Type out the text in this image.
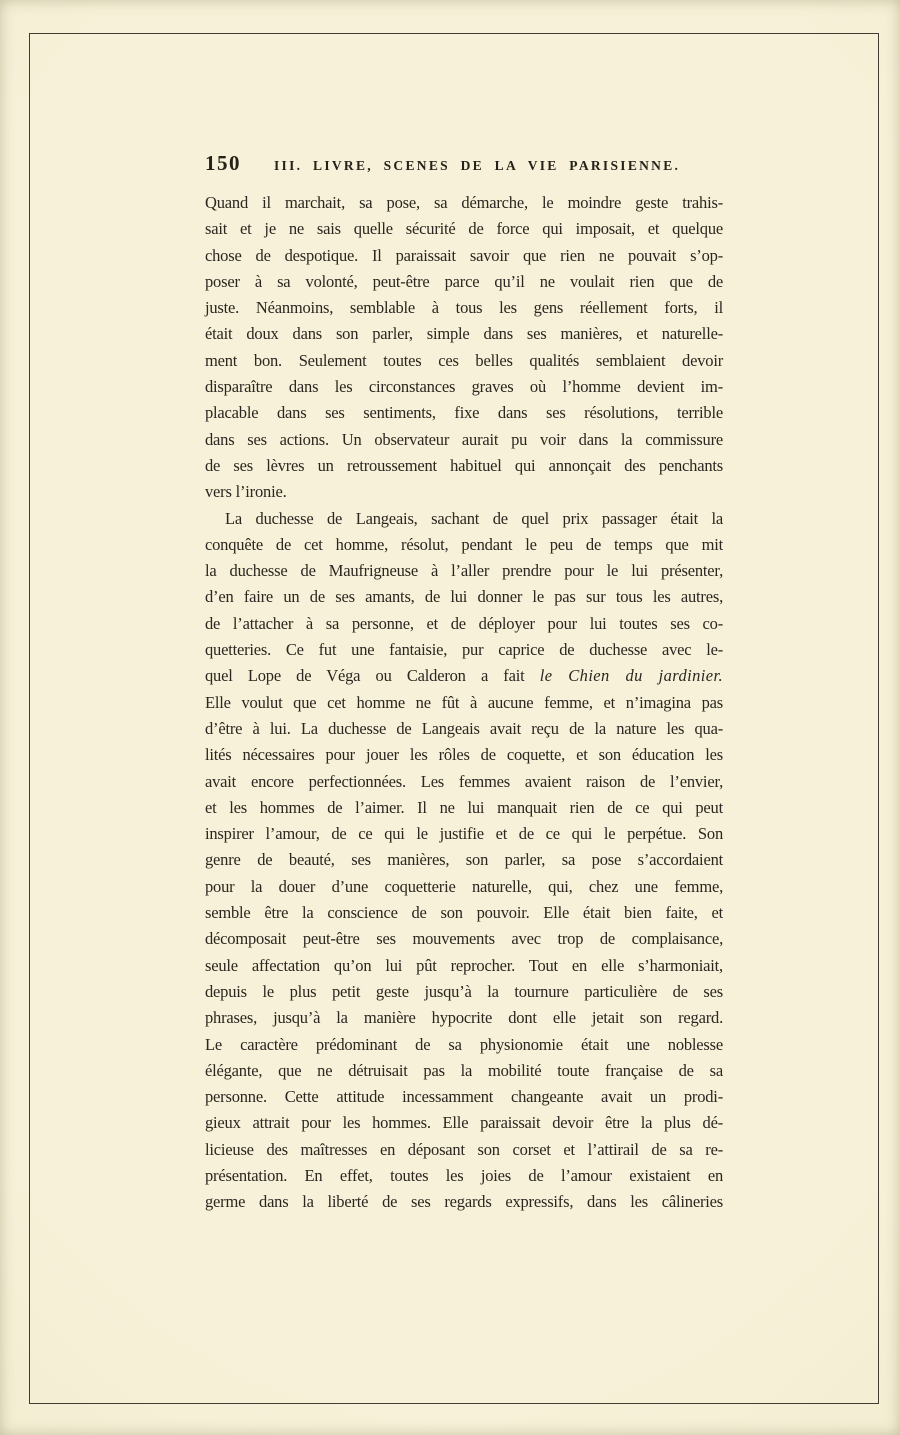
150 III. LIVRE, SCENES DE LA VIE PARISIENNE.
Quand il marchait, sa pose, sa démarche, le moindre geste trahis-
sait et je ne sais quelle sécurité de force qui imposait, et quelque
chose de despotique. Il paraissait savoir que rien ne pouvait s’op-
poser à sa volonté, peut-être parce qu’il ne voulait rien que de
juste. Néanmoins, semblable à tous les gens réellement forts, il
était doux dans son parler, simple dans ses manières, et naturelle-
ment bon. Seulement toutes ces belles qualités semblaient devoir
disparaître dans les circonstances graves où l’homme devient im-
placable dans ses sentiments, fixe dans ses résolutions, terrible
dans ses actions. Un observateur aurait pu voir dans la commissure
de ses lèvres un retroussement habituel qui annonçait des penchants
vers l’ironie.
La duchesse de Langeais, sachant de quel prix passager était la
conquête de cet homme, résolut, pendant le peu de temps que mit
la duchesse de Maufrigneuse à l’aller prendre pour le lui présenter,
d’en faire un de ses amants, de lui donner le pas sur tous les autres,
de l’attacher à sa personne, et de déployer pour lui toutes ses co-
quetteries. Ce fut une fantaisie, pur caprice de duchesse avec le-
quel Lope de Véga ou Calderon a fait le Chien du jardinier.
Elle voulut que cet homme ne fût à aucune femme, et n’imagina pas
d’être à lui. La duchesse de Langeais avait reçu de la nature les qua-
lités nécessaires pour jouer les rôles de coquette, et son éducation les
avait encore perfectionnées. Les femmes avaient raison de l’envier,
et les hommes de l’aimer. Il ne lui manquait rien de ce qui peut
inspirer l’amour, de ce qui le justifie et de ce qui le perpétue. Son
genre de beauté, ses manières, son parler, sa pose s’accordaient
pour la douer d’une coquetterie naturelle, qui, chez une femme,
semble être la conscience de son pouvoir. Elle était bien faite, et
décomposait peut-être ses mouvements avec trop de complaisance,
seule affectation qu’on lui pût reprocher. Tout en elle s’harmoniait,
depuis le plus petit geste jusqu’à la tournure particulière de ses
phrases, jusqu’à la manière hypocrite dont elle jetait son regard.
Le caractère prédominant de sa physionomie était une noblesse
élégante, que ne détruisait pas la mobilité toute française de sa
personne. Cette attitude incessamment changeante avait un prodi-
gieux attrait pour les hommes. Elle paraissait devoir être la plus dé-
licieuse des maîtresses en déposant son corset et l’attirail de sa re-
présentation. En effet, toutes les joies de l’amour existaient en
germe dans la liberté de ses regards expressifs, dans les câlineries
